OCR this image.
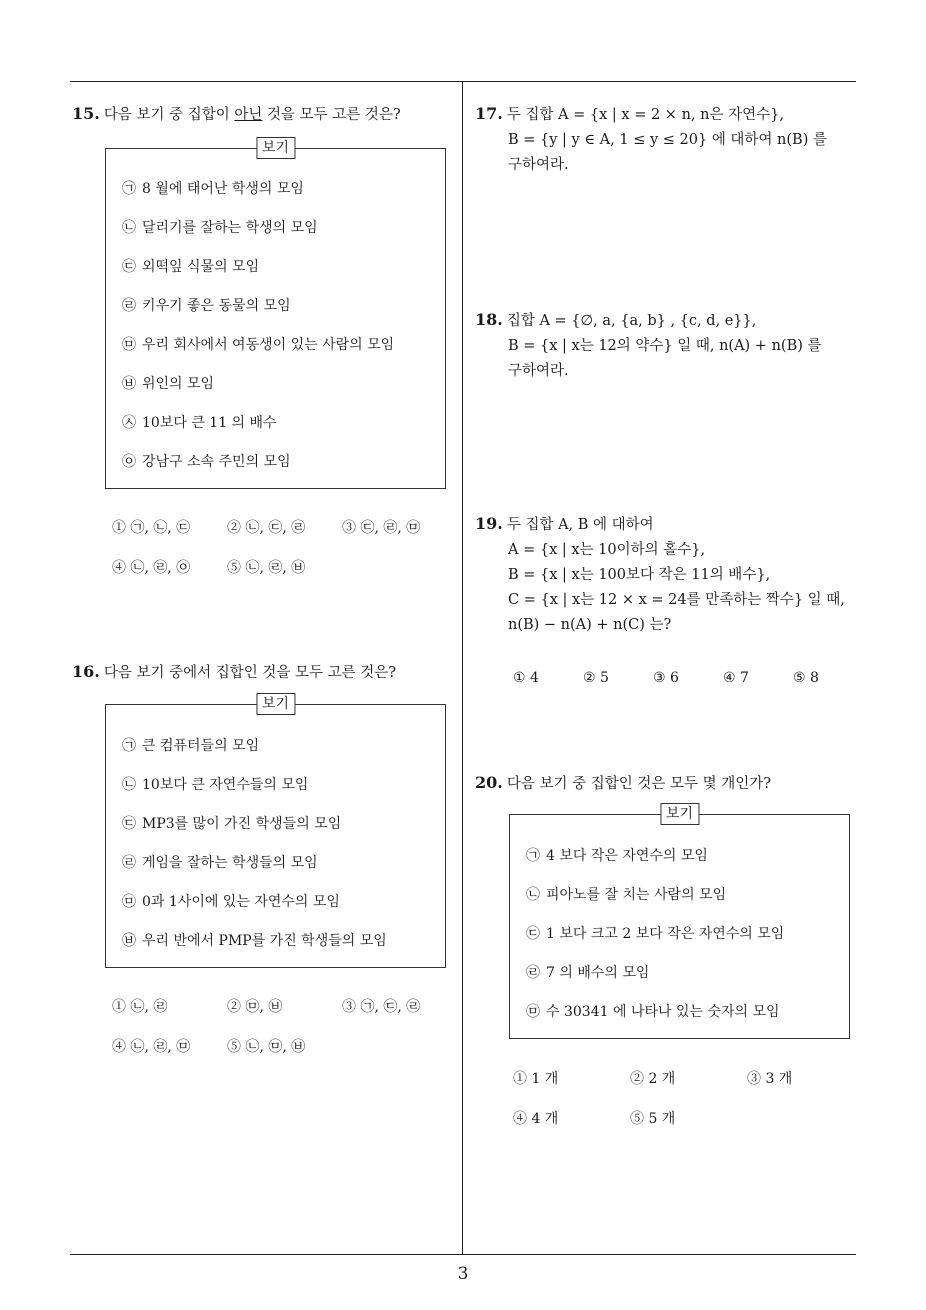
3
15. 다음 보기 중 집합이 아닌 것을 모두 고른 것은?
보기
㉠ 8 월에 태어난 학생의 모임
㉡ 달리기를 잘하는 학생의 모임
㉢ 외떡잎 식물의 모임
㉣ 키우기 좋은 동물의 모임
㉤ 우리 회사에서 여동생이 있는 사람의 모임
㉥ 위인의 모임
㉦ 10보다 큰 11 의 배수
㉧ 강남구 소속 주민의 모임
① ㉠, ㉡, ㉢	② ㉡, ㉢, ㉣	③ ㉢, ㉣, ㉤
④ ㉡, ㉣, ㉧	⑤ ㉡, ㉣, ㉥
16. 다음 보기 중에서 집합인 것을 모두 고른 것은?
보기
㉠ 큰 컴퓨터들의 모임
㉡ 10보다 큰 자연수들의 모임
㉢ MP3를 많이 가진 학생들의 모임
㉣ 게임을 잘하는 학생들의 모임
㉤ 0과 1사이에 있는 자연수의 모임
㉥ 우리 반에서 PMP를 가진 학생들의 모임
① ㉡, ㉣	② ㉤, ㉥	③ ㉠, ㉢, ㉣
④ ㉡, ㉣, ㉤	⑤ ㉡, ㉤, ㉥
17. 두 집합 A = {x | x = 2 × n, n은 자연수},
B = {y | y ∈ A, 1 ≤ y ≤ 20} 에 대하여 n(B) 를
구하여라.
18. 집합 A = {∅, a, {a, b} , {c, d, e}},
B = {x | x는 12의 약수} 일 때, n(A) + n(B) 를
구하여라.
19. 두 집합 A, B 에 대하여
A = {x | x는 10이하의 홀수},
B = {x | x는 100보다 작은 11의 배수},
C = {x | x는 12 × x = 24를 만족하는 짝수} 일 때,
n(B) − n(A) + n(C) 는?
① 4	② 5	③ 6	④ 7	⑤ 8
20. 다음 보기 중 집합인 것은 모두 몇 개인가?
보기
㉠ 4 보다 작은 자연수의 모임
㉡ 피아노를 잘 치는 사람의 모임
㉢ 1 보다 크고 2 보다 작은 자연수의 모임
㉣ 7 의 배수의 모임
㉤ 수 30341 에 나타나 있는 숫자의 모임
① 1 개	② 2 개	③ 3 개
④ 4 개	⑤ 5 개
